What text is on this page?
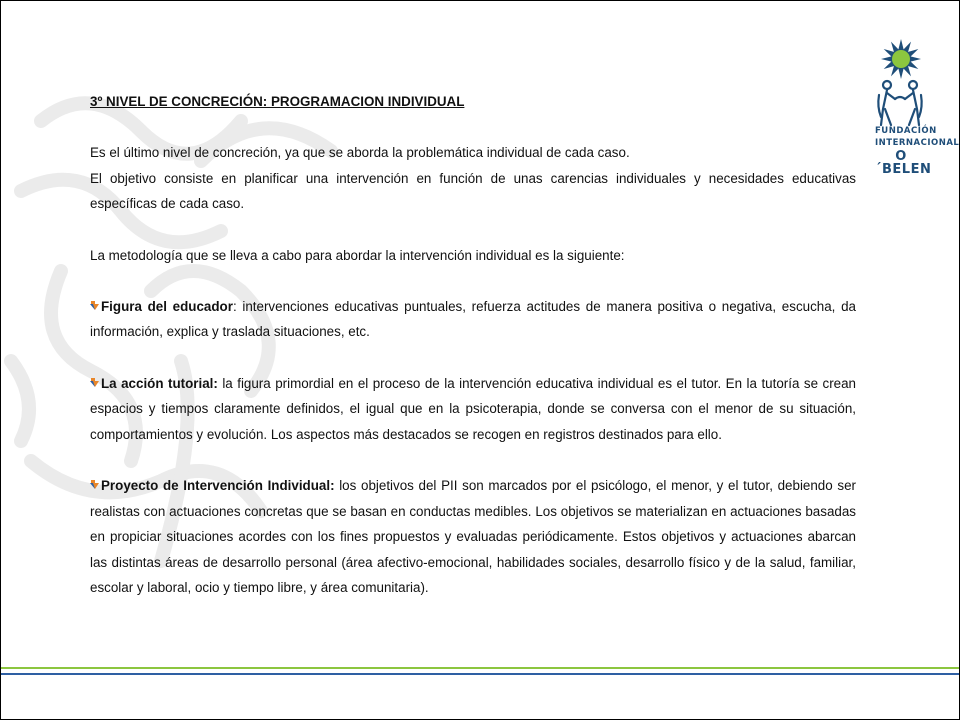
FUNDACIÓN
INTERNACIONAL
O´BELEN

3º NIVEL DE CONCRECIÓN: PROGRAMACION INDIVIDUAL

Es el último nivel de concreción, ya que se aborda la problemática individual de cada caso.

El objetivo consiste en planificar una intervención en función de unas carencias individuales y necesidades educativas específicas de cada caso.

La metodología que se lleva a cabo para abordar la intervención individual es la siguiente:

Figura del educador: intervenciones educativas puntuales, refuerza actitudes de manera positiva o negativa, escucha, da información, explica y traslada situaciones, etc.

La acción tutorial: la figura primordial en el proceso de la intervención educativa individual es el tutor. En la tutoría se crean espacios y tiempos claramente definidos, el igual que en la psicoterapia, donde se conversa con el menor de su situación, comportamientos y evolución. Los aspectos más destacados se recogen en registros destinados para ello.

Proyecto de Intervención Individual: los objetivos del PII son marcados por el psicólogo, el menor, y el tutor, debiendo ser realistas con actuaciones concretas que se basan en conductas medibles. Los objetivos se materializan en actuaciones basadas en propiciar situaciones acordes con los fines propuestos y evaluadas periódicamente. Estos objetivos y actuaciones abarcan las distintas áreas de desarrollo personal (área afectivo-emocional, habilidades sociales, desarrollo físico y de la salud, familiar, escolar y laboral, ocio y tiempo libre, y área comunitaria).
